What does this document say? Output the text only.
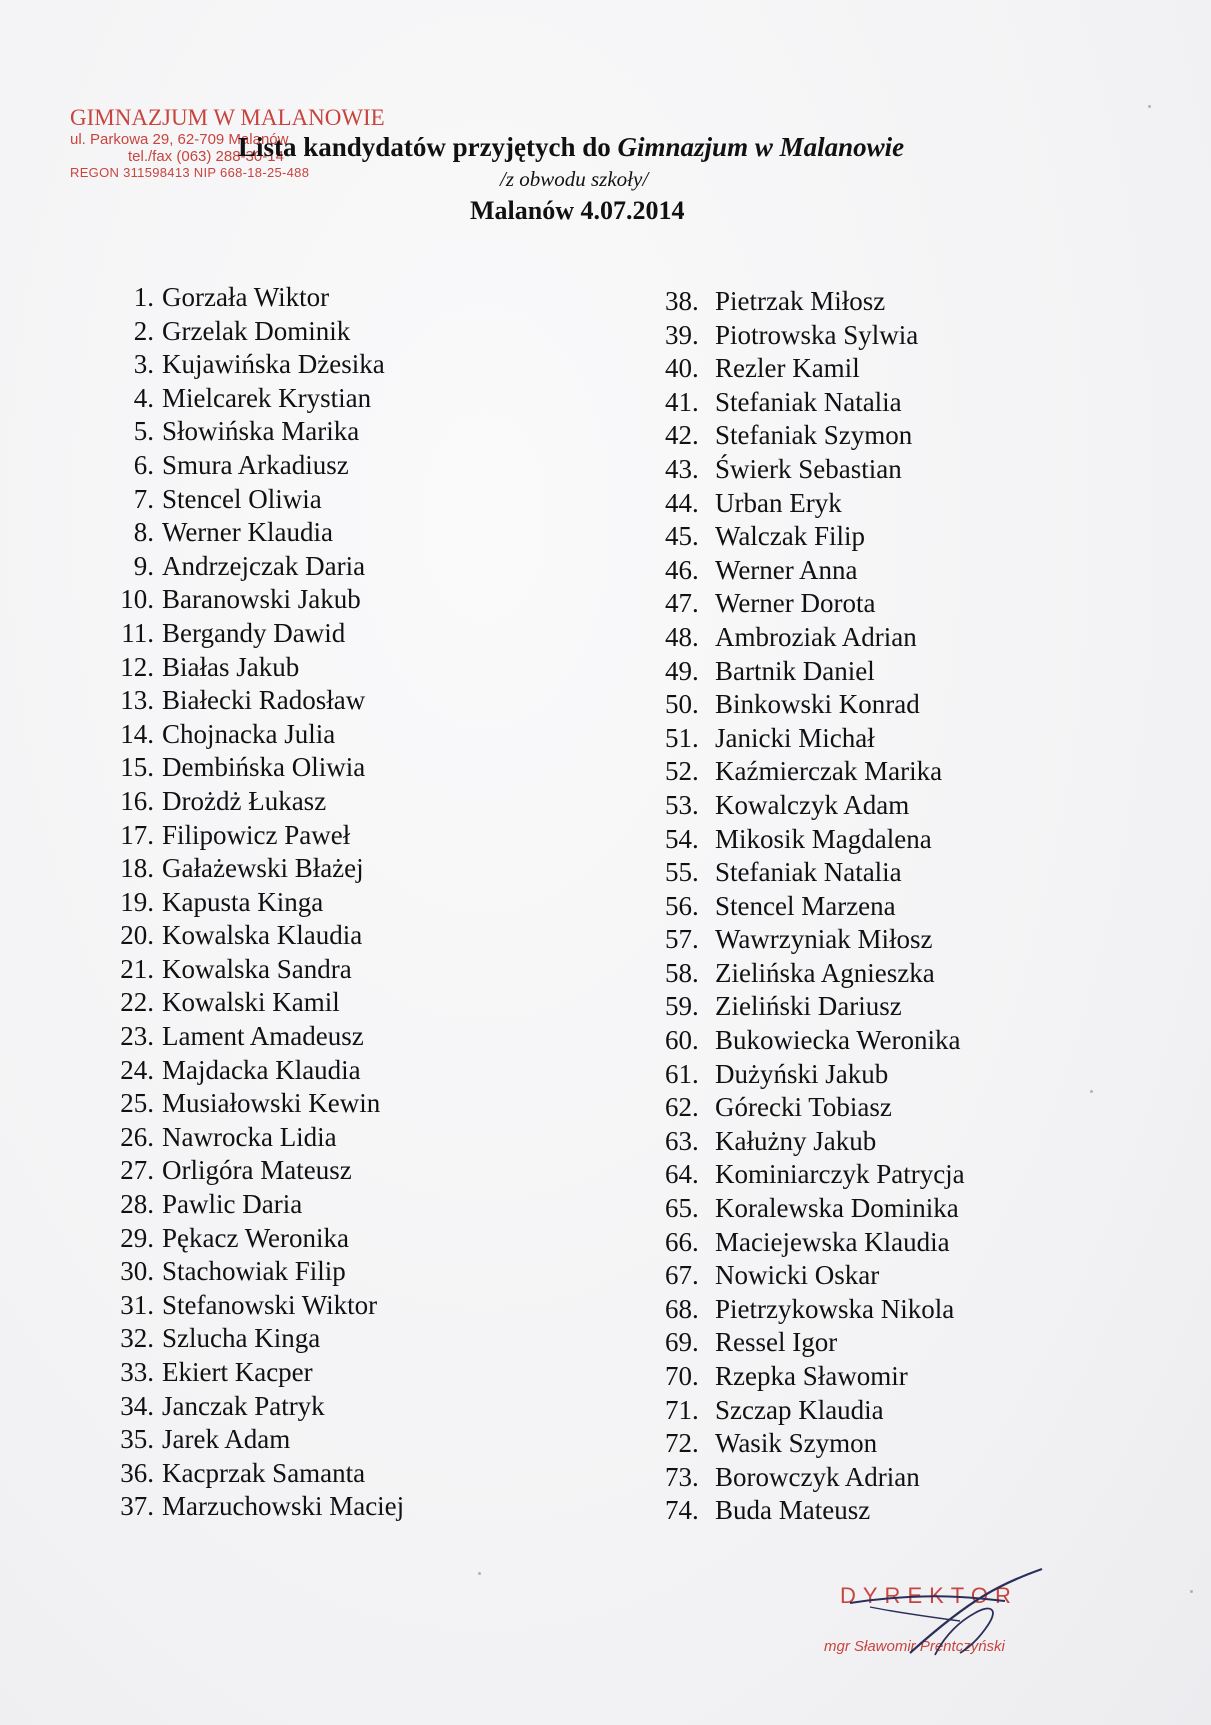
GIMNAZJUM W MALANOWIE
ul. Parkowa 29, 62-709 Malanów
tel./fax (063) 288-30-14
REGON 311598413 NIP 668-18-25-488
Lista kandydatów przyjętych do Gimnazjum w Malanowie
/z obwodu szkoły/
Malanów 4.07.2014
1. Gorzała Wiktor
2. Grzelak Dominik
3. Kujawińska Dżesika
4. Mielcarek Krystian
5. Słowińska Marika
6. Smura Arkadiusz
7. Stencel Oliwia
8. Werner Klaudia
9. Andrzejczak Daria
10. Baranowski Jakub
11. Bergandy Dawid
12. Białas Jakub
13. Białecki Radosław
14. Chojnacka Julia
15. Dembińska Oliwia
16. Drożdż Łukasz
17. Filipowicz Paweł
18. Gałażewski Błażej
19. Kapusta Kinga
20. Kowalska Klaudia
21. Kowalska Sandra
22. Kowalski Kamil
23. Lament Amadeusz
24. Majdacka Klaudia
25. Musiałowski Kewin
26. Nawrocka Lidia
27. Orligóra Mateusz
28. Pawlic Daria
29. Pękacz Weronika
30. Stachowiak Filip
31. Stefanowski Wiktor
32. Szlucha Kinga
33. Ekiert Kacper
34. Janczak Patryk
35. Jarek Adam
36. Kacprzak Samanta
37. Marzuchowski Maciej
38. Pietrzak Miłosz
39. Piotrowska Sylwia
40. Rezler Kamil
41. Stefaniak Natalia
42. Stefaniak Szymon
43. Świerk Sebastian
44. Urban Eryk
45. Walczak Filip
46. Werner Anna
47. Werner Dorota
48. Ambroziak Adrian
49. Bartnik Daniel
50. Binkowski Konrad
51. Janicki Michał
52. Kaźmierczak Marika
53. Kowalczyk Adam
54. Mikosik Magdalena
55. Stefaniak Natalia
56. Stencel Marzena
57. Wawrzyniak Miłosz
58. Zielińska Agnieszka
59. Zieliński Dariusz
60. Bukowiecka Weronika
61. Dużyński Jakub
62. Górecki Tobiasz
63. Kałużny Jakub
64. Kominiarczyk Patrycja
65. Koralewska Dominika
66. Maciejewska Klaudia
67. Nowicki Oskar
68. Pietrzykowska Nikola
69. Ressel Igor
70. Rzepka Sławomir
71. Szczap Klaudia
72. Wasik Szymon
73. Borowczyk Adrian
74. Buda Mateusz
DYREKTOR
mgr Sławomir Prentczyński
